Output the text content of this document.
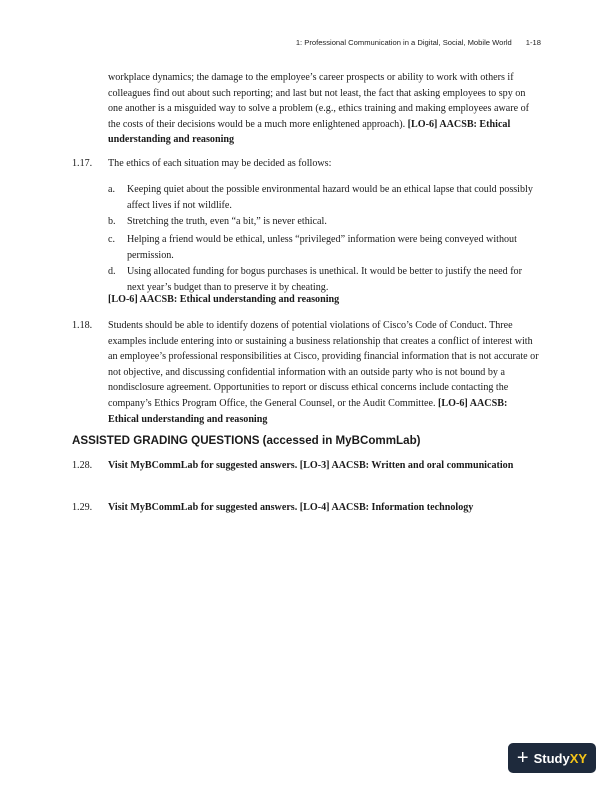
1: Professional Communication in a Digital, Social, Mobile World 1-18
workplace dynamics; the damage to the employee’s career prospects or ability to work with others if colleagues find out about such reporting; and last but not least, the fact that asking employees to spy on one another is a misguided way to solve a problem (e.g., ethics training and making employees aware of the costs of their decisions would be a much more enlightened approach). [LO-6] AACSB: Ethical understanding and reasoning
1.17. The ethics of each situation may be decided as follows:
a. Keeping quiet about the possible environmental hazard would be an ethical lapse that could possibly affect lives if not wildlife.
b. Stretching the truth, even “a bit,” is never ethical.
c. Helping a friend would be ethical, unless “privileged” information were being conveyed without permission.
d. Using allocated funding for bogus purchases is unethical. It would be better to justify the need for next year’s budget than to preserve it by cheating.
[LO-6] AACSB: Ethical understanding and reasoning
1.18. Students should be able to identify dozens of potential violations of Cisco’s Code of Conduct. Three examples include entering into or sustaining a business relationship that creates a conflict of interest with an employee’s professional responsibilities at Cisco, providing financial information that is not accurate or not objective, and discussing confidential information with an outside party who is not bound by a nondisclosure agreement. Opportunities to report or discuss ethical concerns include contacting the company’s Ethics Program Office, the General Counsel, or the Audit Committee. [LO-6] AACSB: Ethical understanding and reasoning
ASSISTED GRADING QUESTIONS (accessed in MyBCommLab)
1.28. Visit MyBCommLab for suggested answers. [LO-3] AACSB: Written and oral communication
1.29. Visit MyBCommLab for suggested answers. [LO-4] AACSB: Information technology
+ Study XY
